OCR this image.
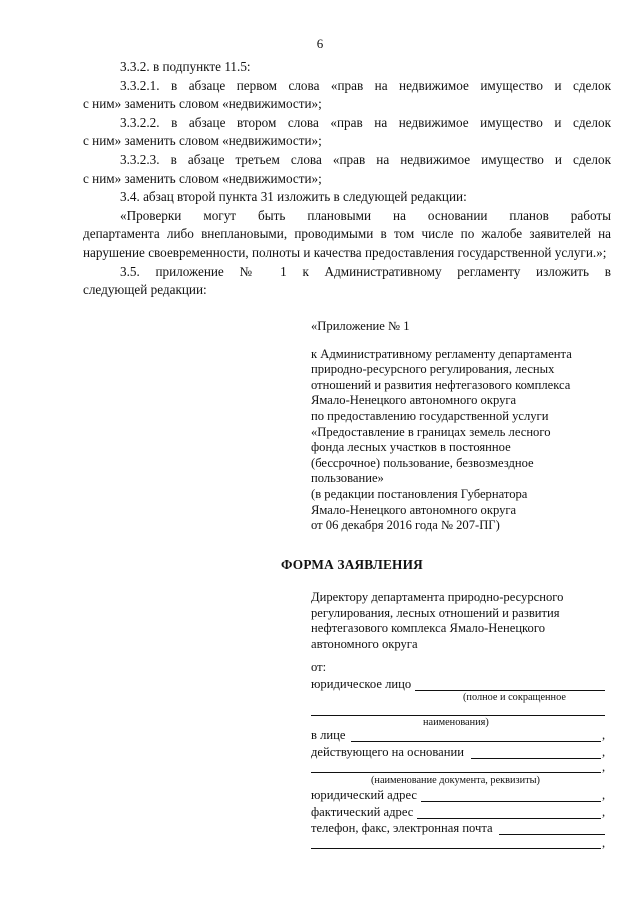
6

3.3.2. в подпункте 11.5:

3.3.2.1. в абзаце первом слова «прав на недвижимое имущество и сделок
с ним» заменить словом «недвижимости»;

3.3.2.2. в абзаце втором слова «прав на недвижимое имущество и сделок
с ним» заменить словом «недвижимости»;

3.3.2.3. в абзаце третьем слова «прав на недвижимое имущество и сделок
с ним» заменить словом «недвижимости»;

3.4. абзац второй пункта 31 изложить в следующей редакции:

«Проверки могут быть плановыми на основании планов работы
департамента либо внеплановыми, проводимыми в том числе по жалобе заявителей на нарушение своевременности, полноты и качества предоставления государственной услуги.»;

3.5. приложение № 1 к Административному регламенту изложить в
следующей редакции:

«Приложение № 1
к Административному регламенту департамента
природно-ресурсного регулирования, лесных
отношений и развития нефтегазового комплекса
Ямало-Ненецкого автономного округа
по предоставлению государственной услуги
«Предоставление в границах земель лесного
фонда лесных участков в постоянное
(бессрочное) пользование, безвозмездное
пользование»
(в редакции постановления Губернатора
Ямало-Ненецкого автономного округа
от 06 декабря 2016 года № 207-ПГ)
ФОРМА ЗАЯВЛЕНИЯ
Директору департамента природно-ресурсного
регулирования, лесных отношений и развития
нефтегазового комплекса Ямало-Ненецкого
автономного округа
от:
юридическое лицо
(полное и сокращенное
наименования)
в лице	,
действующего на основании	,
,
(наименование документа, реквизиты)
юридический адрес	,
фактический адрес	,
телефон, факс, электронная почта
,
